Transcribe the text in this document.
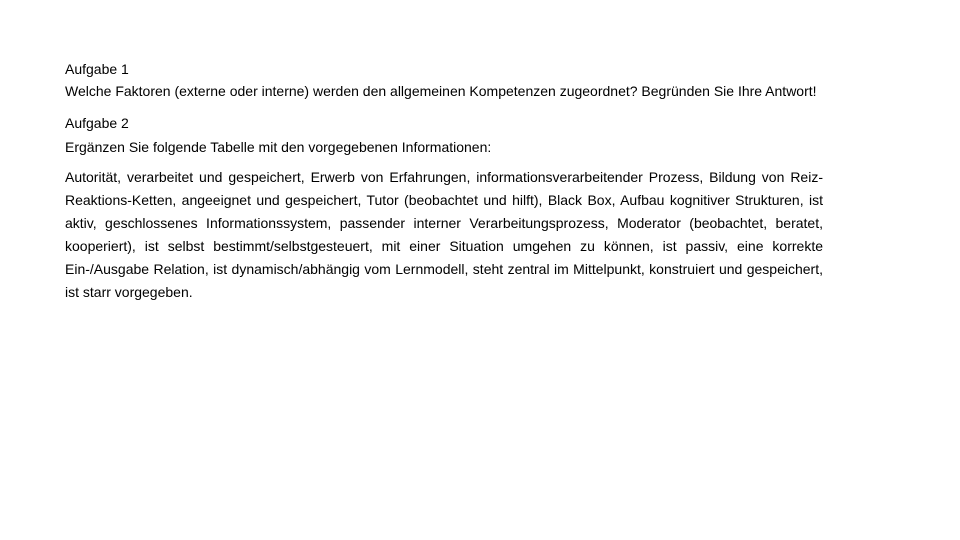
Aufgabe 1

Welche Faktoren (externe oder interne) werden den allgemeinen Kompetenzen zugeordnet? Begründen Sie Ihre Antwort!

Aufgabe 2
Ergänzen Sie folgende Tabelle mit den vorgegebenen Informationen:

Autorität, verarbeitet und gespeichert, Erwerb von Erfahrungen, informationsverarbeitender Prozess, Bildung von Reiz-Reaktions-Ketten, angeeignet und gespeichert, Tutor (beobachtet und hilft), Black Box, Aufbau kognitiver Strukturen, ist aktiv, geschlossenes Informationssystem, passender interner Verarbeitungsprozess, Moderator (beobachtet, beratet, kooperiert), ist selbst bestimmt/selbstgesteuert, mit einer Situation umgehen zu können, ist passiv, eine korrekte Ein-/Ausgabe Relation, ist dynamisch/abhängig vom Lernmodell, steht zentral im Mittelpunkt, konstruiert und gespeichert, ist starr vorgegeben.
